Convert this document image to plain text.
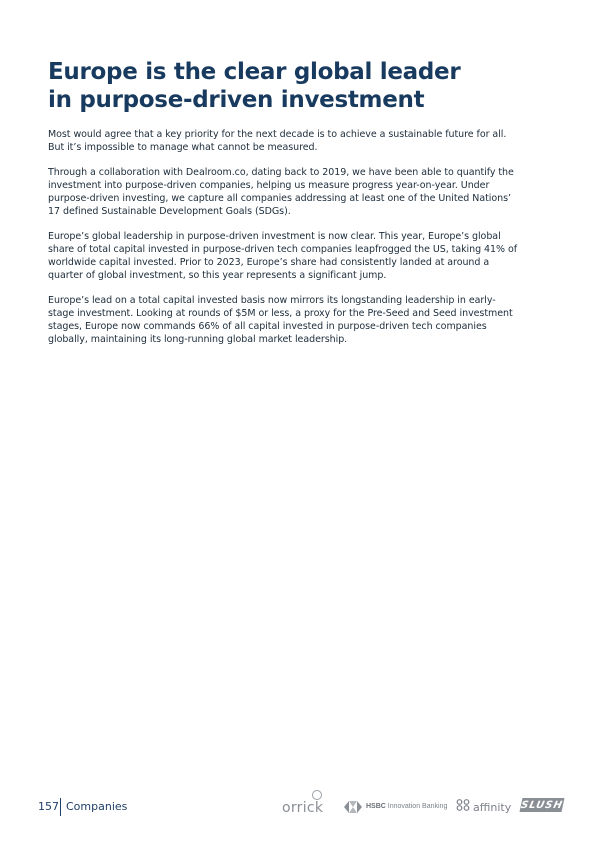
Europe is the clear global leader in purpose-driven investment

Most would agree that a key priority for the next decade is to achieve a sustainable future for all. But it’s impossible to manage what cannot be measured.

Through a collaboration with Dealroom.co, dating back to 2019, we have been able to quantify the investment into purpose-driven companies, helping us measure progress year-on-year. Under purpose-driven investing, we capture all companies addressing at least one of the United Nations’ 17 defined Sustainable Development Goals (SDGs).

Europe’s global leadership in purpose-driven investment is now clear. This year, Europe’s global share of total capital invested in purpose-driven tech companies leapfrogged the US, taking 41% of worldwide capital invested. Prior to 2023, Europe’s share had consistently landed at around a quarter of global investment, so this year represents a significant jump.

Europe’s lead on a total capital invested basis now mirrors its longstanding leadership in early-stage investment. Looking at rounds of $5M or less, a proxy for the Pre-Seed and Seed investment stages, Europe now commands 66% of all capital invested in purpose-driven tech companies globally, maintaining its long-running global market leadership.

157 Companies	orrick	HSBC Innovation Banking affinity SLUSH
